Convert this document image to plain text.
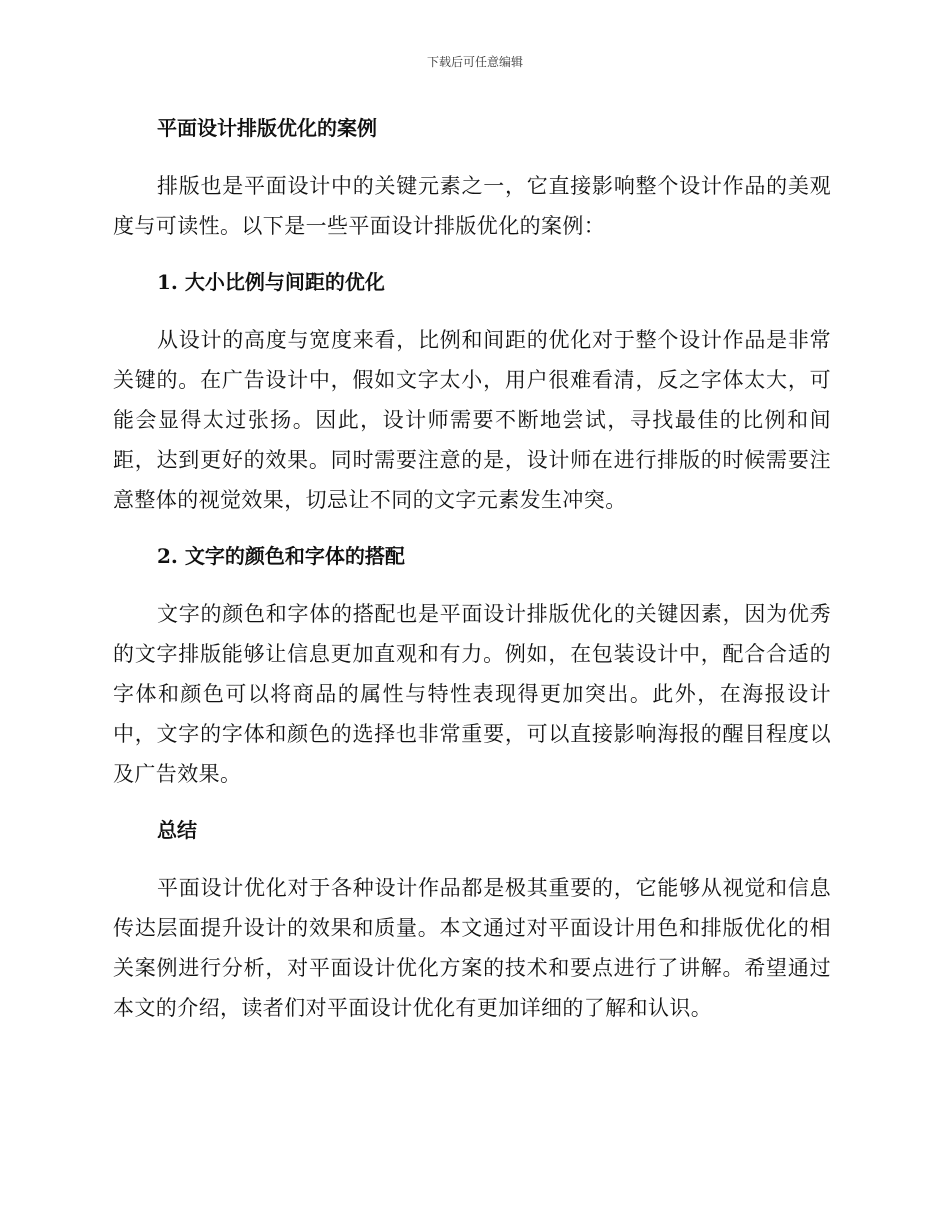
下载后可任意编辑
平面设计排版优化的案例

排版也是平面设计中的关键元素之一，它直接影响整个设计作品的美观度与可读性。以下是一些平面设计排版优化的案例：

1. 大小比例与间距的优化

从设计的高度与宽度来看，比例和间距的优化对于整个设计作品是非常关键的。在广告设计中，假如文字太小，用户很难看清，反之字体太大，可能会显得太过张扬。因此，设计师需要不断地尝试，寻找最佳的比例和间距，达到更好的效果。同时需要注意的是，设计师在进行排版的时候需要注意整体的视觉效果，切忌让不同的文字元素发生冲突。

2. 文字的颜色和字体的搭配

文字的颜色和字体的搭配也是平面设计排版优化的关键因素，因为优秀的文字排版能够让信息更加直观和有力。例如，在包装设计中，配合合适的字体和颜色可以将商品的属性与特性表现得更加突出。此外，在海报设计中，文字的字体和颜色的选择也非常重要，可以直接影响海报的醒目程度以及广告效果。

总结

平面设计优化对于各种设计作品都是极其重要的，它能够从视觉和信息传达层面提升设计的效果和质量。本文通过对平面设计用色和排版优化的相关案例进行分析，对平面设计优化方案的技术和要点进行了讲解。希望通过本文的介绍，读者们对平面设计优化有更加详细的了解和认识。
